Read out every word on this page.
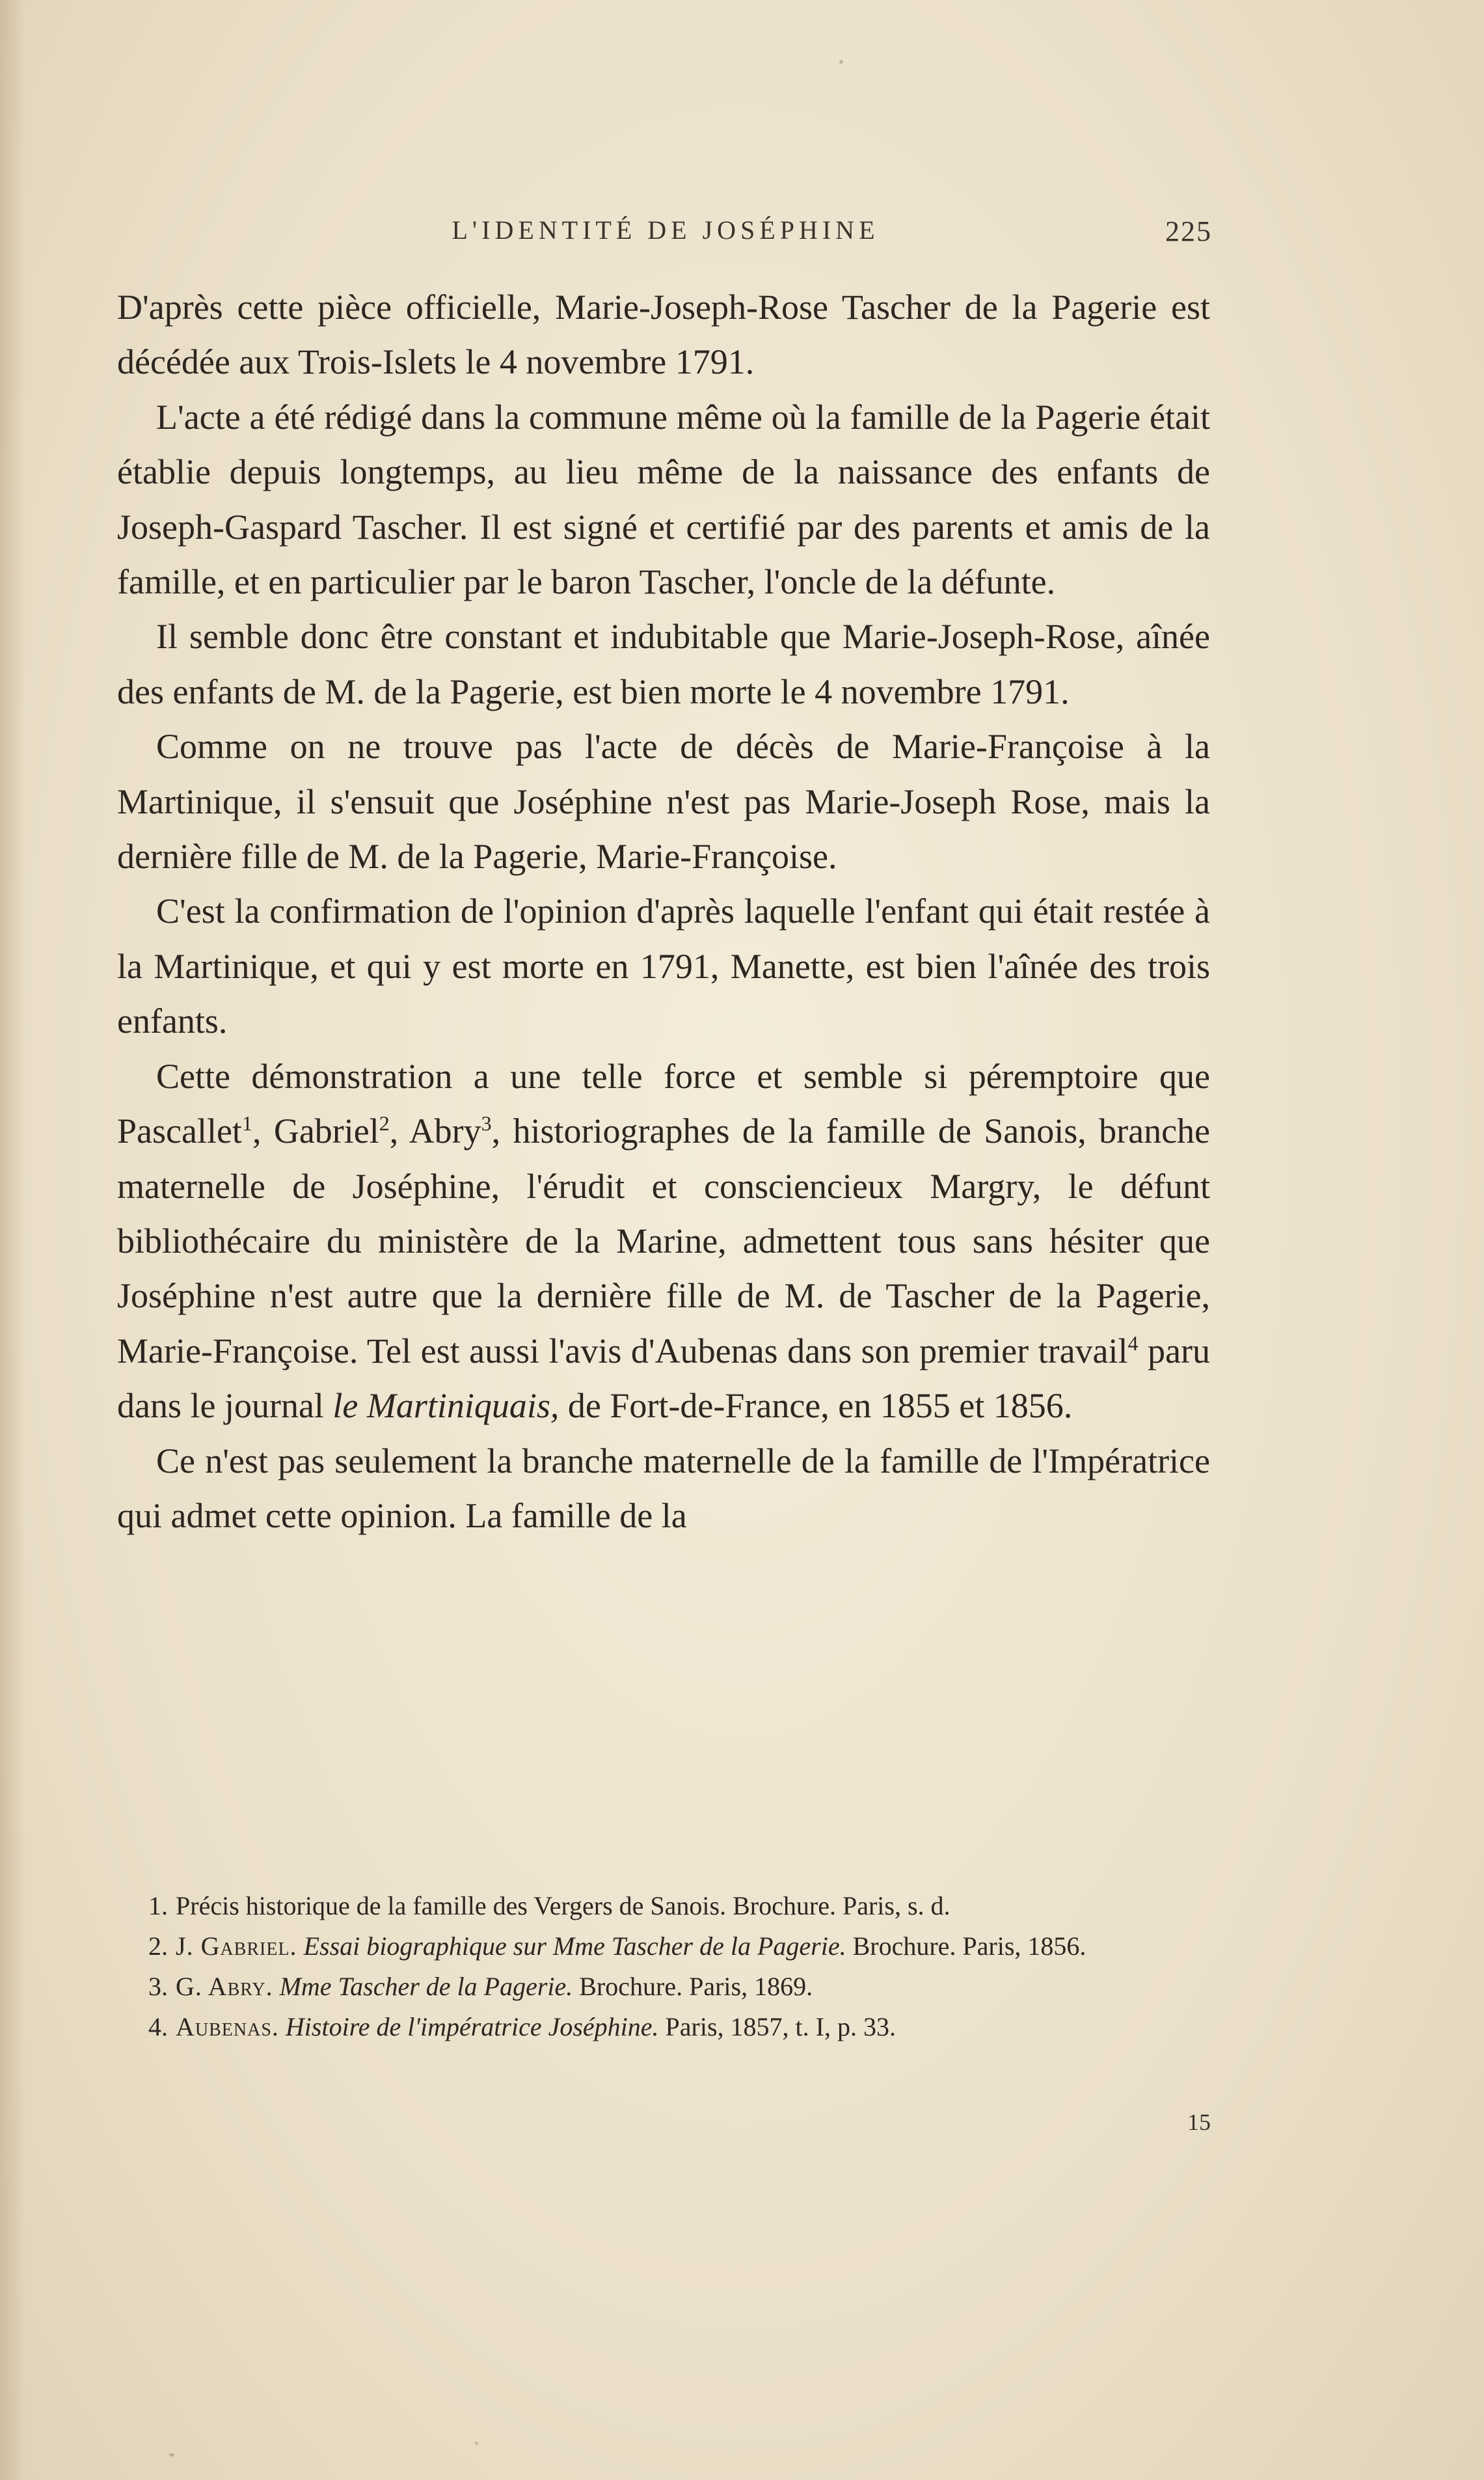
L'IDENTITÉ DE JOSÉPHINE	225

D'après cette pièce officielle, Marie-Joseph-Rose Tascher de la Pagerie est décédée aux Trois-Islets le 4 novembre 1791.

L'acte a été rédigé dans la commune même où la famille de la Pagerie était établie depuis longtemps, au lieu même de la naissance des enfants de Joseph-Gaspard Tascher. Il est signé et certifié par des parents et amis de la famille, et en particulier par le baron Tascher, l'oncle de la défunte.

Il semble donc être constant et indubitable que Marie-Joseph-Rose, aînée des enfants de M. de la Pagerie, est bien morte le 4 novembre 1791.

Comme on ne trouve pas l'acte de décès de Marie-Françoise à la Martinique, il s'ensuit que Joséphine n'est pas Marie-Joseph Rose, mais la dernière fille de M. de la Pagerie, Marie-Françoise.

C'est la confirmation de l'opinion d'après laquelle l'enfant qui était restée à la Martinique, et qui y est morte en 1791, Manette, est bien l'aînée des trois enfants.

Cette démonstration a une telle force et semble si péremptoire que Pascallet$^1$, Gabriel$^2$, Abry$^3$, historiographes de la famille de Sanois, branche maternelle de Joséphine, l'érudit et consciencieux Margry, le défunt bibliothécaire du ministère de la Marine, admettent tous sans hésiter que Joséphine n'est autre que la dernière fille de M. de Tascher de la Pagerie, Marie-Françoise. Tel est aussi l'avis d'Aubenas dans son premier travail$^4$ paru dans le journal le Martiniquais, de Fort-de-France, en 1855 et 1856.

Ce n'est pas seulement la branche maternelle de la famille de l'Impératrice qui admet cette opinion. La famille de la

1. Précis historique de la famille des Vergers de Sanois. Brochure. Paris, s. d.

2. J. Gabriel. Essai biographique sur Mme Tascher de la Pagerie. Brochure. Paris, 1856.

3. G. Abry. Mme Tascher de la Pagerie. Brochure. Paris, 1869.

4. Aubenas. Histoire de l'impératrice Joséphine. Paris, 1857, t. I, p. 33.

15
